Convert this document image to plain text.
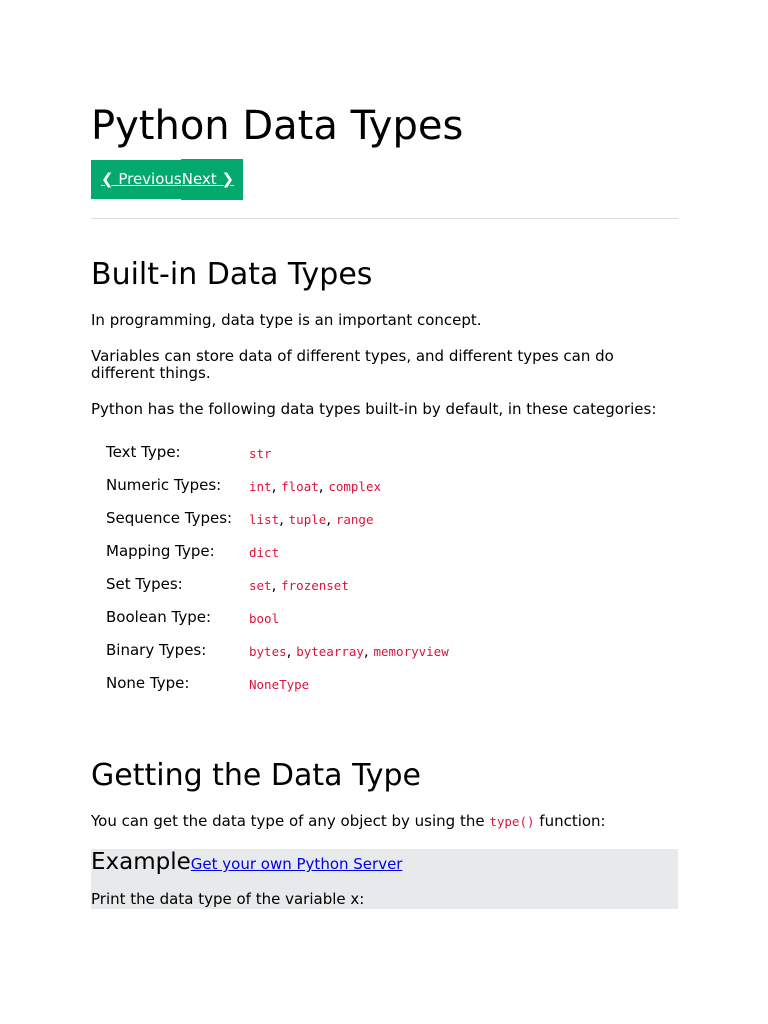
Python Data Types
❮ Previous Next ❯
Built-in Data Types

In programming, data type is an important concept.

Variables can store data of different types, and different types can do different things.

Python has the following data types built-in by default, in these categories:

Text Type:	str
Numeric Types: int, float, complex
Sequence Types: list, tuple, range
Mapping Type:	dict
Set Types:	set, frozenset
Boolean Type:	bool
Binary Types:	bytes, bytearray, memoryview
None Type:	NoneType
Getting the Data Type

You can get the data type of any object by using the type() function:

ExampleGet your own Python Server

Print the data type of the variable x:
